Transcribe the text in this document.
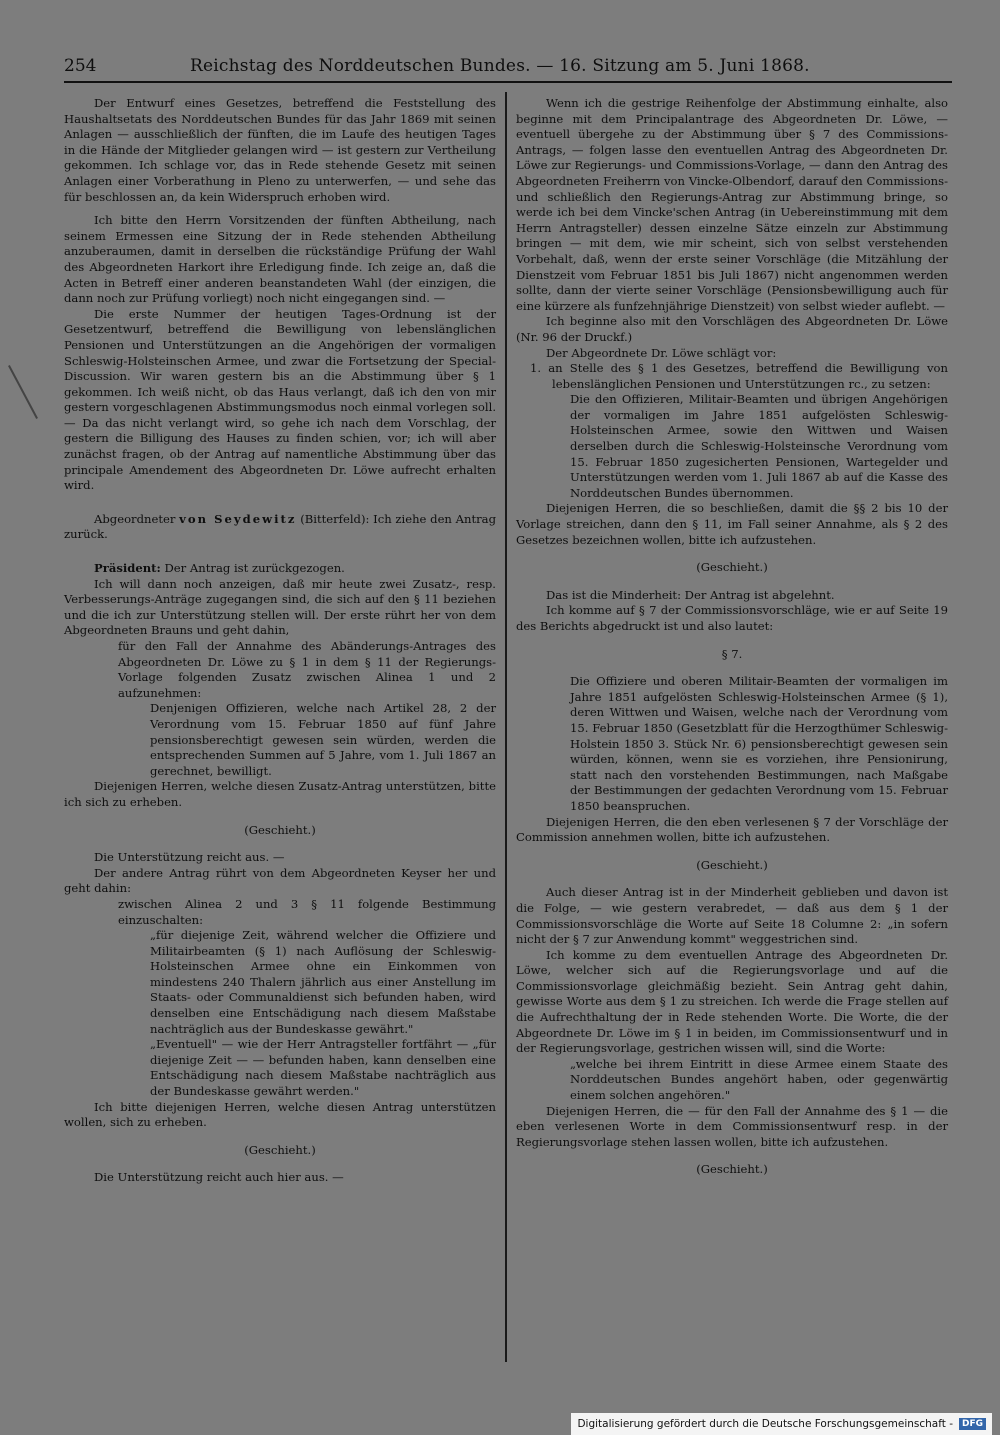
254	Reichstag des Norddeutschen Bundes. — 16. Sitzung am 5. Juni 1868.

Der Entwurf eines Gesetzes, betreffend die Feststellung des Haushaltsetats des Norddeutschen Bundes für das Jahr 1869 mit seinen Anlagen — ausschließlich der fünften, die im Laufe des heutigen Tages in die Hände der Mitglieder gelangen wird — ist gestern zur Vertheilung gekommen. Ich schlage vor, das in Rede stehende Gesetz mit seinen Anlagen einer Vorberathung in Pleno zu unterwerfen, — und sehe das für beschlossen an, da kein Widerspruch erhoben wird.

Ich bitte den Herrn Vorsitzenden der fünften Abtheilung, nach seinem Ermessen eine Sitzung der in Rede stehenden Abtheilung anzuberaumen, damit in derselben die rückständige Prüfung der Wahl des Abgeordneten Harkort ihre Erledigung finde. Ich zeige an, daß die Acten in Betreff einer anderen beanstandeten Wahl (der einzigen, die dann noch zur Prüfung vorliegt) noch nicht eingegangen sind. —

Die erste Nummer der heutigen Tages-Ordnung ist der Gesetzentwurf, betreffend die Bewilligung von lebenslänglichen Pensionen und Unterstützungen an die Angehörigen der vormaligen Schleswig-Holsteinschen Armee, und zwar die Fortsetzung der Special-Discussion. Wir waren gestern bis an die Abstimmung über § 1 gekommen. Ich weiß nicht, ob das Haus verlangt, daß ich den von mir gestern vorgeschlagenen Abstimmungsmodus noch einmal vorlegen soll. — Da das nicht verlangt wird, so gehe ich nach dem Vorschlag, der gestern die Billigung des Hauses zu finden schien, vor; ich will aber zunächst fragen, ob der Antrag auf namentliche Abstimmung über das principale Amendement des Abgeordneten Dr. Löwe aufrecht erhalten wird.

Abgeordneter von Seydewitz (Bitterfeld): Ich ziehe den Antrag zurück.

Präsident: Der Antrag ist zurückgezogen.

Ich will dann noch anzeigen, daß mir heute zwei Zusatz-, resp. Verbesserungs-Anträge zugegangen sind, die sich auf den § 11 beziehen und die ich zur Unterstützung stellen will. Der erste rührt her von dem Abgeordneten Brauns und geht dahin,

für den Fall der Annahme des Abänderungs-Antrages des Abgeordneten Dr. Löwe zu § 1 in dem § 11 der Regierungs-Vorlage folgenden Zusatz zwischen Alinea 1 und 2 aufzunehmen:

Denjenigen Offizieren, welche nach Artikel 28, 2 der Verordnung vom 15. Februar 1850 auf fünf Jahre pensionsberechtigt gewesen sein würden, werden die entsprechenden Summen auf 5 Jahre, vom 1. Juli 1867 an gerechnet, bewilligt.

Diejenigen Herren, welche diesen Zusatz-Antrag unterstützen, bitte ich sich zu erheben.

(Geschieht.)

Die Unterstützung reicht aus. —

Der andere Antrag rührt von dem Abgeordneten Keyser her und geht dahin:

zwischen Alinea 2 und 3 § 11 folgende Bestimmung einzuschalten:

„für diejenige Zeit, während welcher die Offiziere und Militairbeamten (§ 1) nach Auflösung der Schleswig-Holsteinschen Armee ohne ein Einkommen von mindestens 240 Thalern jährlich aus einer Anstellung im Staats- oder Communaldienst sich befunden haben, wird denselben eine Entschädigung nach diesem Maßstabe nachträglich aus der Bundeskasse gewährt."

„Eventuell" — wie der Herr Antragsteller fortfährt — „für diejenige Zeit — — befunden haben, kann denselben eine Entschädigung nach diesem Maßstabe nachträglich aus der Bundeskasse gewährt werden."

Ich bitte diejenigen Herren, welche diesen Antrag unterstützen wollen, sich zu erheben.

(Geschieht.)

Die Unterstützung reicht auch hier aus. —

Wenn ich die gestrige Reihenfolge der Abstimmung einhalte, also beginne mit dem Principalantrage des Abgeordneten Dr. Löwe, — eventuell übergehe zu der Abstimmung über § 7 des Commissions-Antrags, — folgen lasse den eventuellen Antrag des Abgeordneten Dr. Löwe zur Regierungs- und Commissions-Vorlage, — dann den Antrag des Abgeordneten Freiherrn von Vincke-Olbendorf, darauf den Commissions- und schließlich den Regierungs-Antrag zur Abstimmung bringe, so werde ich bei dem Vincke'schen Antrag (in Uebereinstimmung mit dem Herrn Antragsteller) dessen einzelne Sätze einzeln zur Abstimmung bringen — mit dem, wie mir scheint, sich von selbst verstehenden Vorbehalt, daß, wenn der erste seiner Vorschläge (die Mitzählung der Dienstzeit vom Februar 1851 bis Juli 1867) nicht angenommen werden sollte, dann der vierte seiner Vorschläge (Pensionsbewilligung auch für eine kürzere als funfzehnjährige Dienstzeit) von selbst wieder auflebt. —

Ich beginne also mit den Vorschlägen des Abgeordneten Dr. Löwe (Nr. 96 der Druckf.)

Der Abgeordnete Dr. Löwe schlägt vor:

1. an Stelle des § 1 des Gesetzes, betreffend die Bewilligung von lebenslänglichen Pensionen und Unterstützungen rc., zu setzen:

Die den Offizieren, Militair-Beamten und übrigen Angehörigen der vormaligen im Jahre 1851 aufgelösten Schleswig-Holsteinschen Armee, sowie den Wittwen und Waisen derselben durch die Schleswig-Holsteinsche Verordnung vom 15. Februar 1850 zugesicherten Pensionen, Wartegelder und Unterstützungen werden vom 1. Juli 1867 ab auf die Kasse des Norddeutschen Bundes übernommen.

Diejenigen Herren, die so beschließen, damit die §§ 2 bis 10 der Vorlage streichen, dann den § 11, im Fall seiner Annahme, als § 2 des Gesetzes bezeichnen wollen, bitte ich aufzustehen.

(Geschieht.)

Das ist die Minderheit: Der Antrag ist abgelehnt.

Ich komme auf § 7 der Commissionsvorschläge, wie er auf Seite 19 des Berichts abgedruckt ist und also lautet:

§ 7.

Die Offiziere und oberen Militair-Beamten der vormaligen im Jahre 1851 aufgelösten Schleswig-Holsteinschen Armee (§ 1), deren Wittwen und Waisen, welche nach der Verordnung vom 15. Februar 1850 (Gesetzblatt für die Herzogthümer Schleswig-Holstein 1850 3. Stück Nr. 6) pensionsberechtigt gewesen sein würden, können, wenn sie es vorziehen, ihre Pensionirung, statt nach den vorstehenden Bestimmungen, nach Maßgabe der Bestimmungen der gedachten Verordnung vom 15. Februar 1850 beanspruchen.

Diejenigen Herren, die den eben verlesenen § 7 der Vorschläge der Commission annehmen wollen, bitte ich aufzustehen.

(Geschieht.)

Auch dieser Antrag ist in der Minderheit geblieben und davon ist die Folge, — wie gestern verabredet, — daß aus dem § 1 der Commissionsvorschläge die Worte auf Seite 18 Columne 2: „in sofern nicht der § 7 zur Anwendung kommt" weggestrichen sind.

Ich komme zu dem eventuellen Antrage des Abgeordneten Dr. Löwe, welcher sich auf die Regierungsvorlage und auf die Commissionsvorlage gleichmäßig bezieht. Sein Antrag geht dahin, gewisse Worte aus dem § 1 zu streichen. Ich werde die Frage stellen auf die Aufrechthaltung der in Rede stehenden Worte. Die Worte, die der Abgeordnete Dr. Löwe im § 1 in beiden, im Commissionsentwurf und in der Regierungsvorlage, gestrichen wissen will, sind die Worte:

„welche bei ihrem Eintritt in diese Armee einem Staate des Norddeutschen Bundes angehört haben, oder gegenwärtig einem solchen angehören."

Diejenigen Herren, die — für den Fall der Annahme des § 1 — die eben verlesenen Worte in dem Commissionsentwurf resp. in der Regierungsvorlage stehen lassen wollen, bitte ich aufzustehen.

(Geschieht.)

Digitalisierung gefördert durch die Deutsche Forschungsgemeinschaft -	DFG
